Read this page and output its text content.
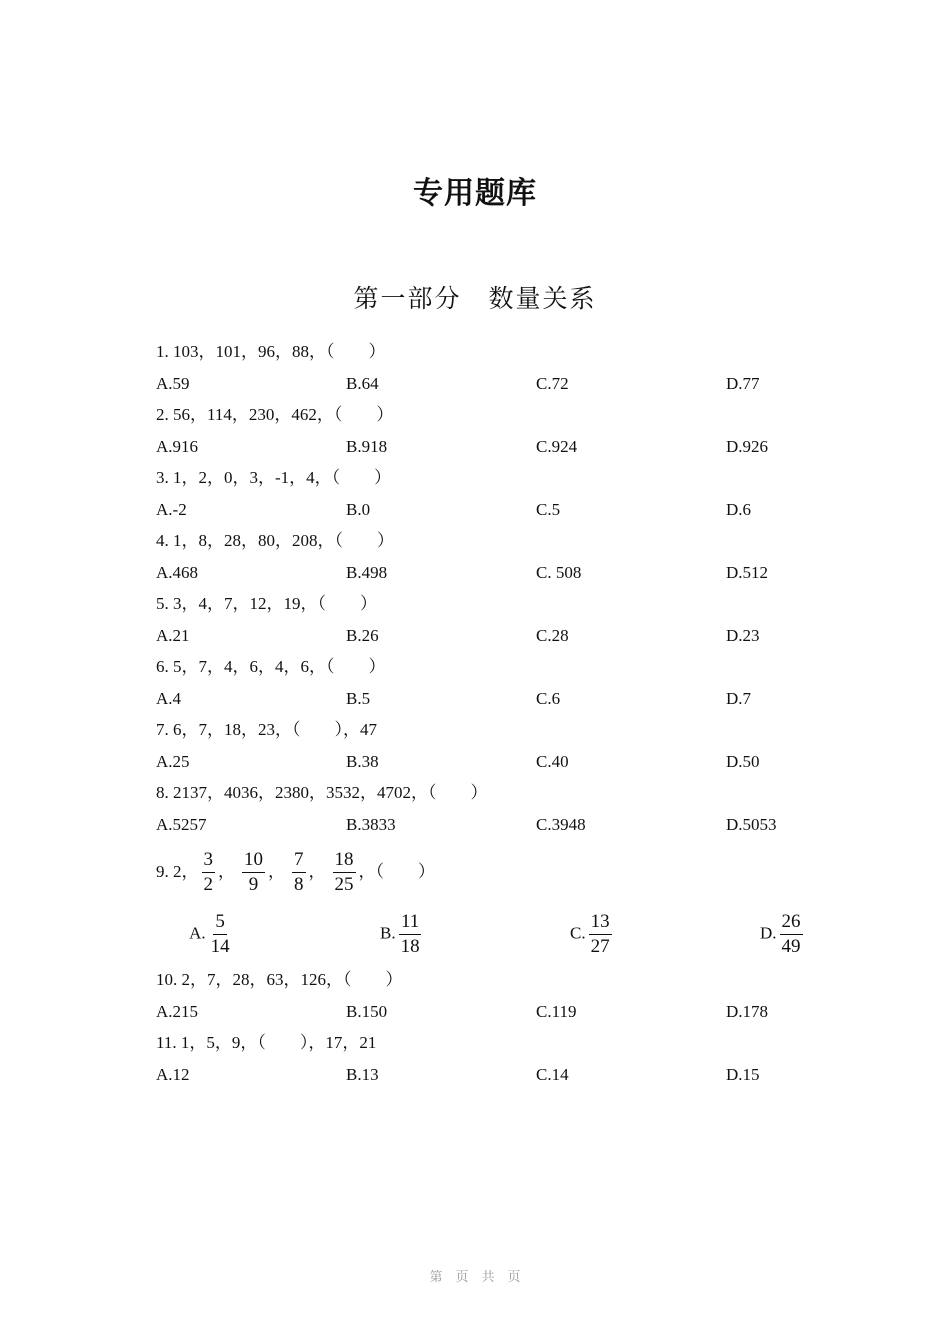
专用题库
第一部分　数量关系
1. 103，101，96，88，（　　）
A.59	B.64	C.72	D.77
2. 56，114，230，462，（　　）
A.916	B.918	C.924	D.926
3. 1，2，0，3，-1，4，（　　）
A.-2	B.0	C.5	D.6
4. 1，8，28，80，208，（　　）
A.468	B.498	C. 508	D.512
5. 3，4，7，12，19，（　　）
A.21	B.26	C.28	D.23
6. 5，7，4，6，4，6，（　　）
A.4	B.5	C.6	D.7
7. 6，7，18，23，（　　），47
A.25	B.38	C.40	D.50
8. 2137，4036，2380，3532，4702，（　　）
A.5257	B.3833	C.3948	D.5053
9. 2， $\frac{3}{2}$ ， $\frac{10}{9}$ ， $\frac{7}{8}$ ， $\frac{18}{25}$ ，（　　）

A. $\frac{5}{14}$

	B. $\frac{11}{18}$

	C. $\frac{13}{27}$

	D. $\frac{26}{49}$

10. 2，7，28，63，126，（　　）
A.215	B.150	C.119	D.178
11. 1，5，9，（　　），17，21
A.12	B.13	C.14	D.15
第　页　共　页
